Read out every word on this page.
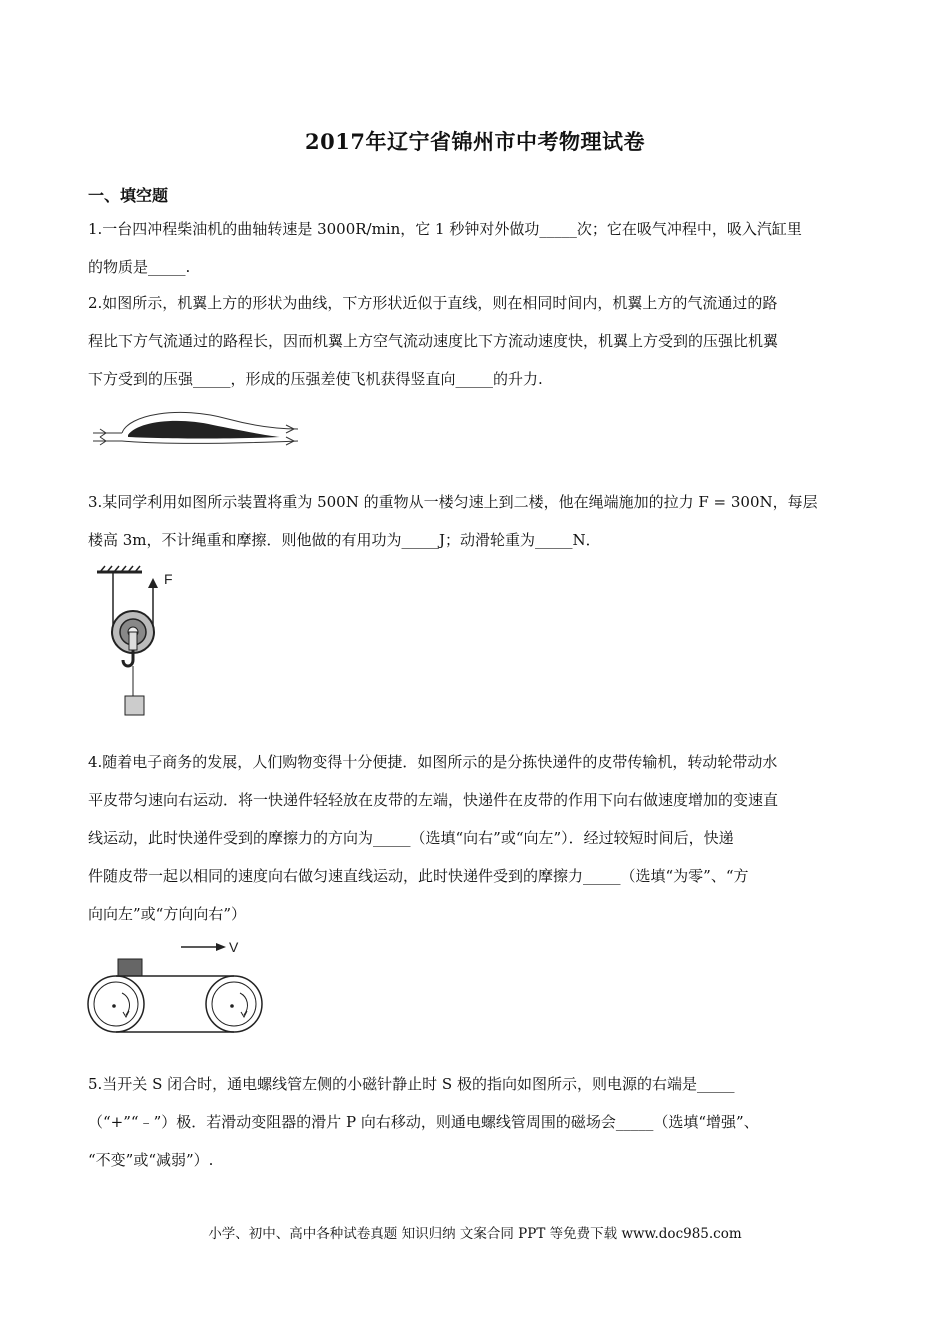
2017年辽宁省锦州市中考物理试卷
一、填空题
1.一台四冲程柴油机的曲轴转速是 3000R/min，它 1 秒钟对外做功_____次；它在吸气冲程中，吸入汽缸里
的物质是_____.
2.如图所示，机翼上方的形状为曲线，下方形状近似于直线，则在相同时间内，机翼上方的气流通过的路
程比下方气流通过的路程长，因而机翼上方空气流动速度比下方流动速度快，机翼上方受到的压强比机翼
下方受到的压强_____，形成的压强差使飞机获得竖直向_____的升力.
3.某同学利用如图所示装置将重为 500N 的重物从一楼匀速上到二楼，他在绳端施加的拉力 F = 300N，每层
楼高 3m，不计绳重和摩擦．则他做的有用功为_____J；动滑轮重为_____N．
F
4.随着电子商务的发展，人们购物变得十分便捷．如图所示的是分拣快递件的皮带传输机，转动轮带动水
平皮带匀速向右运动．将一快递件轻轻放在皮带的左端，快递件在皮带的作用下向右做速度增加的变速直
线运动，此时快递件受到的摩擦力的方向为_____（选填“向右”或“向左”）．经过较短时间后，快递
件随皮带一起以相同的速度向右做匀速直线运动，此时快递件受到的摩擦力_____（选填“为零”、“方
向向左”或“方向向右”）
V
5.当开关 S 闭合时，通电螺线管左侧的小磁针静止时 S 极的指向如图所示，则电源的右端是_____
（“+”“﹣”）极．若滑动变阻器的滑片 P 向右移动，则通电螺线管周围的磁场会_____（选填“增强”、
“不变”或“减弱”）.
小学、初中、高中各种试卷真题 知识归纳 文案合同 PPT 等免费下载 www.doc985.com
